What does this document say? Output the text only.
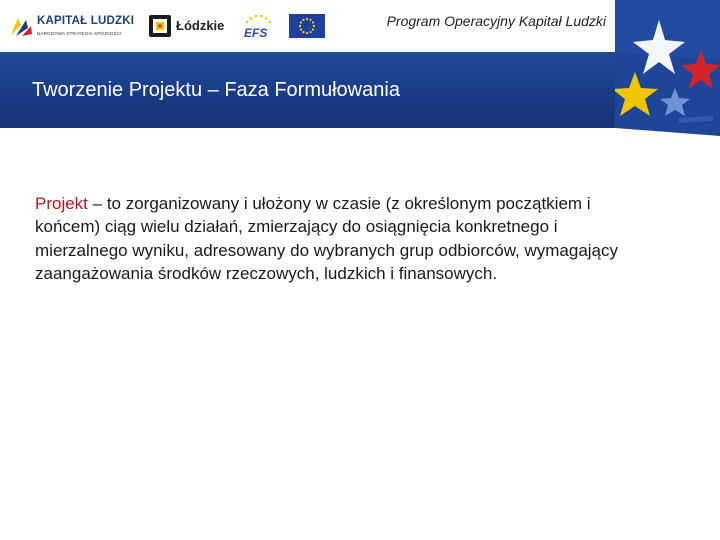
KAPITAŁ LUDZKI
NARODOWA STRATEGIA SPÓJNOŚCI
Łódzkie EFS
Program Operacyjny Kapitał Ludzki
Tworzenie Projektu – Faza Formułowania
Projekt – to zorganizowany i ułożony w czasie (z określonym początkiem i końcem) ciąg wielu działań, zmierzający do osiągnięcia konkretnego i mierzalnego wyniku, adresowany do wybranych grup odbiorców, wymagający zaangażowania środków rzeczowych, ludzkich i finansowych.
